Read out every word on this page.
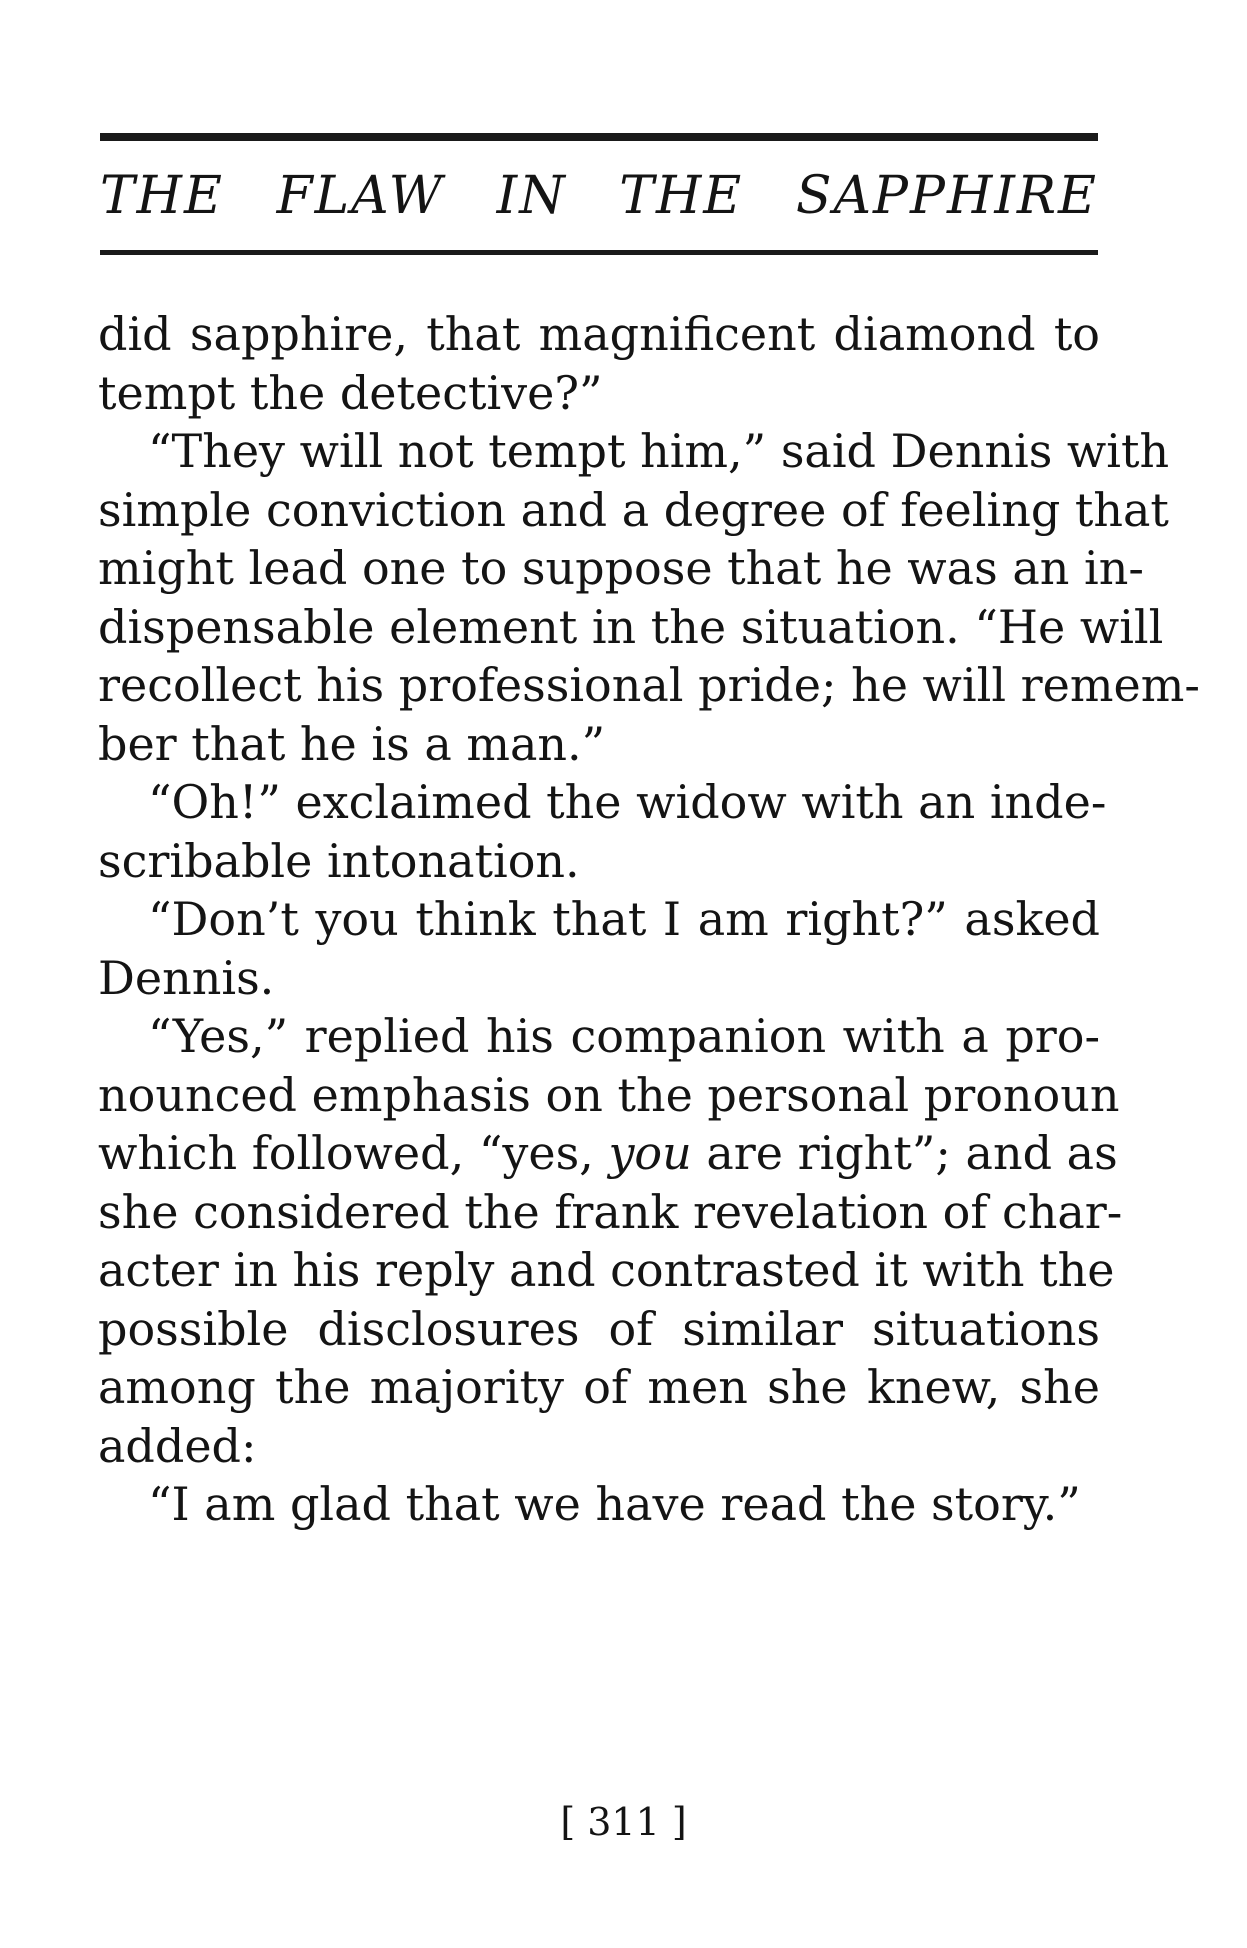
THE FLAW IN THE SAPPHIRE
did sapphire, that magnificent diamond to
tempt the detective?”
“They will not tempt him,” said Dennis with
simple conviction and a degree of feeling that
might lead one to suppose that he was an in-
dispensable element in the situation. “He will
recollect his professional pride; he will remem-
ber that he is a man.”
“Oh!” exclaimed the widow with an inde-
scribable intonation.
“Don’t you think that I am right?” asked
Dennis.
“Yes,” replied his companion with a pro-
nounced emphasis on the personal pronoun
which followed, “yes, you are right”; and as
she considered the frank revelation of char-
acter in his reply and contrasted it with the
possible disclosures of similar situations
among the majority of men she knew, she
added:
“I am glad that we have read the story.”
[ 311 ]
